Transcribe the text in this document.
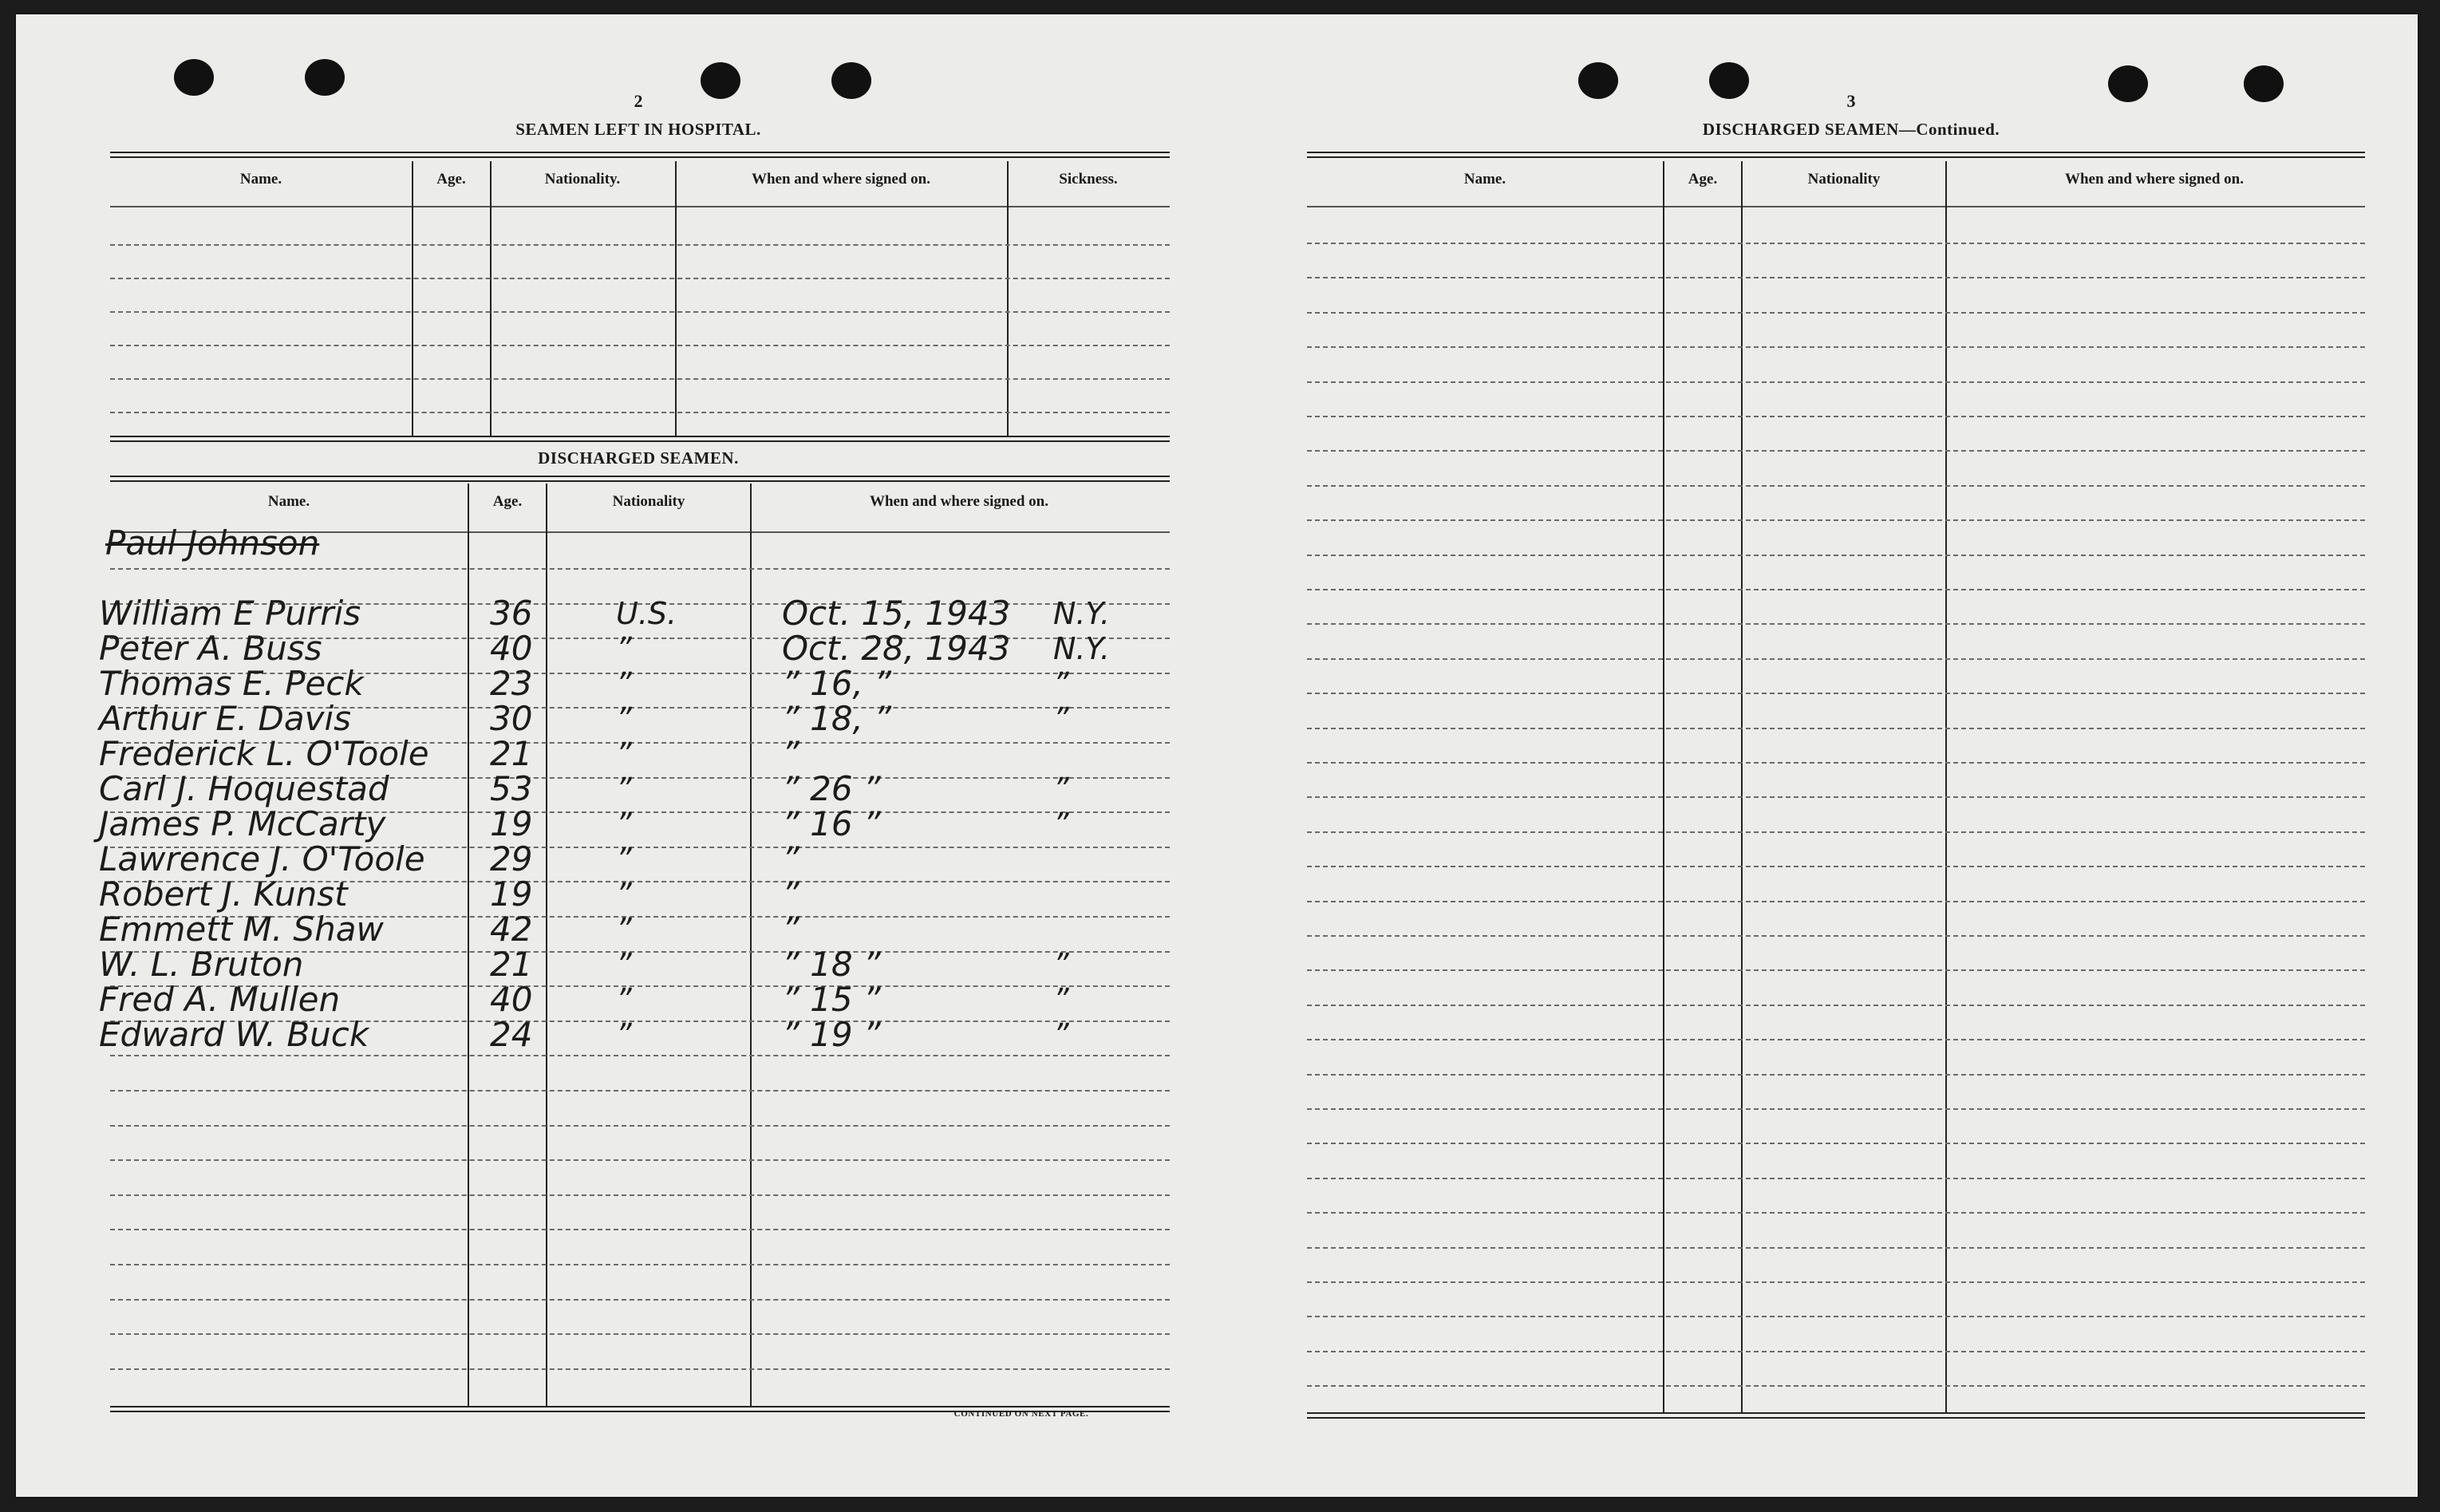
2
SEAMEN LEFT IN HOSPITAL.
Name.	Age.	Nationality.	When and where signed on.	Sickness.
DISCHARGED SEAMEN.
Name.	Age.	Nationality	When and where signed on.
CONTINUED ON NEXT PAGE.
Paul Johnson
William E Purris	36	U.S.	Oct. 15, 1943 N.Y.
Peter A. Buss	40	”	Oct. 28, 1943 N.Y.
Thomas E. Peck	23	”	” 16, ”	”
Arthur E. Davis	30	”	” 18, ”	”
Frederick L. O'Toole 21	”	”
Carl J. Hoquestad	53	”	” 26 ”	”
James P. McCarty	19	”	” 16 ”	”
Lawrence J. O'Toole 29	”	”
Robert J. Kunst	19	”	”
Emmett M. Shaw	42	”	”
W. L. Bruton	21	”	” 18 ”	”
Fred A. Mullen	40	”	” 15 ”	”
Edward W. Buck	24	”	” 19 ”	”
3
DISCHARGED SEAMEN—Continued.
Name.	Age.	Nationality	When and where signed on.
